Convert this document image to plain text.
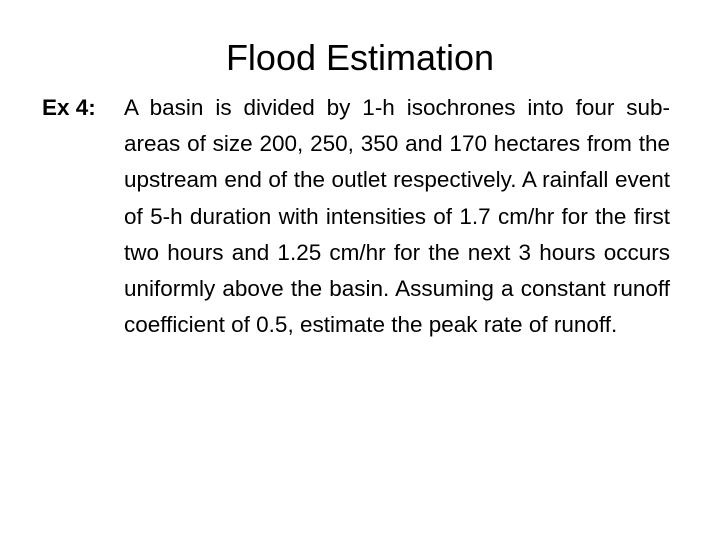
Flood Estimation
Ex 4: A basin is divided by 1-h isochrones into four sub-areas of size 200, 250, 350 and 170 hectares from the upstream end of the outlet respectively. A rainfall event of 5-h duration with intensities of 1.7 cm/hr for the first two hours and 1.25 cm/hr for the next 3 hours occurs uniformly above the basin. Assuming a constant runoff coefficient of 0.5, estimate the peak rate of runoff.
